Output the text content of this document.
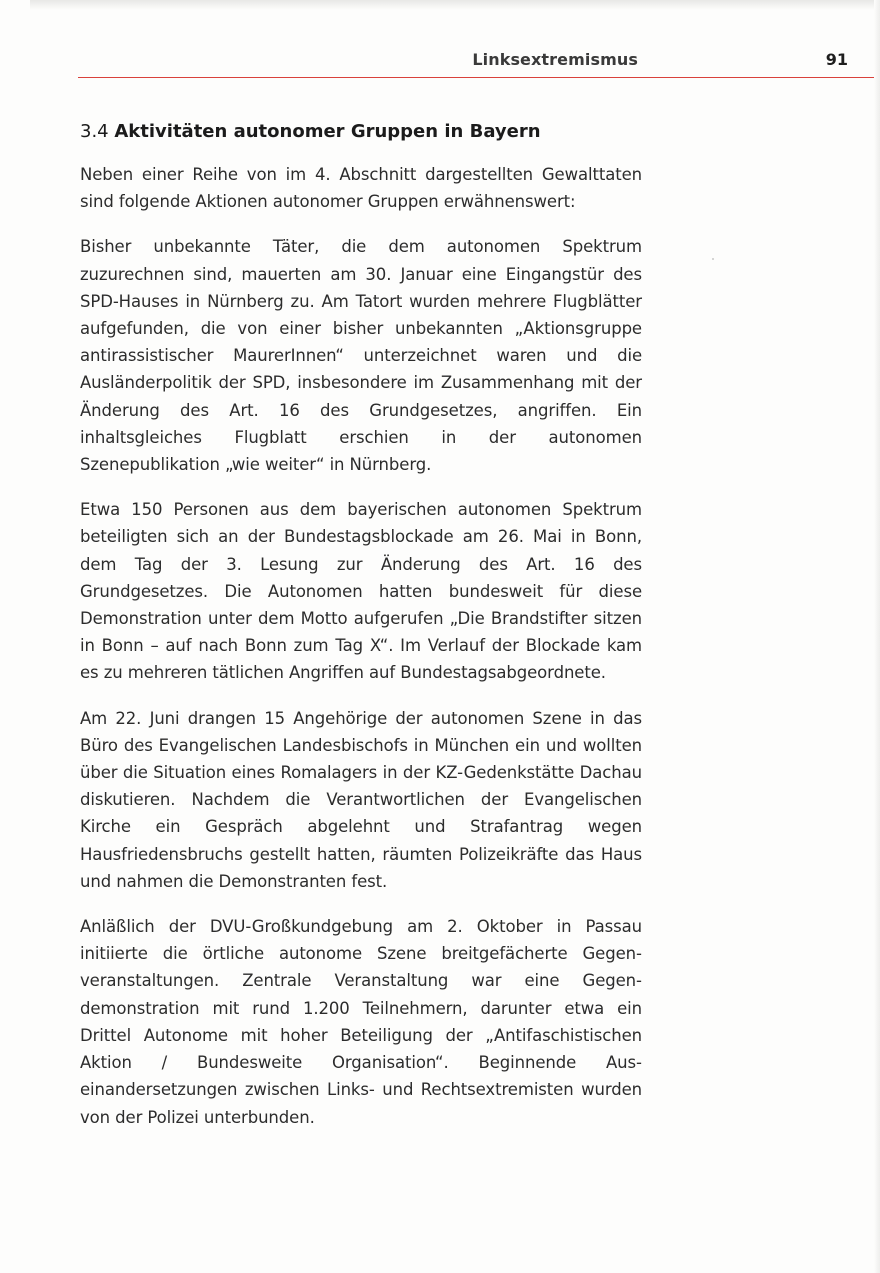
Linksextremismus	91
3.4 Aktivitäten autonomer Gruppen in Bayern

Neben einer Reihe von im 4. Abschnitt dargestellten Gewalttaten sind folgende Aktionen autonomer Gruppen erwähnenswert:

Bisher unbekannte Täter, die dem autonomen Spektrum zuzurechnen sind, mauerten am 30. Januar eine Eingangstür des SPD-Hauses in Nürnberg zu. Am Tatort wurden mehrere Flugblätter aufgefunden, die von einer bisher unbekannten „Aktionsgruppe antirassistischer MaurerInnen“ unterzeichnet waren und die Ausländerpolitik der SPD, insbesondere im Zusammenhang mit der Änderung des Art. 16 des Grundgesetzes, angriffen. Ein inhaltsgleiches Flugblatt erschien in der autonomen Szenepublikation „wie weiter“ in Nürnberg.

Etwa 150 Personen aus dem bayerischen autonomen Spektrum beteiligten sich an der Bundestagsblockade am 26. Mai in Bonn, dem Tag der 3. Lesung zur Änderung des Art. 16 des Grundgesetzes. Die Autonomen hatten bundesweit für diese Demonstration unter dem Motto aufgerufen „Die Brandstifter sitzen in Bonn – auf nach Bonn zum Tag X“. Im Verlauf der Blockade kam es zu mehreren tätlichen Angriffen auf Bundestagsabgeordnete.

Am 22. Juni drangen 15 Angehörige der autonomen Szene in das Büro des Evangelischen Landesbischofs in München ein und wollten über die Situation eines Romalagers in der KZ-Gedenkstätte Dachau diskutieren. Nachdem die Verantwortlichen der Evangelischen Kirche ein Gespräch abgelehnt und Strafantrag wegen Hausfriedensbruchs gestellt hatten, räumten Polizeikräfte das Haus und nahmen die Demonstranten fest.

Anläßlich der DVU-Großkundgebung am 2. Oktober in Passau initiierte die örtliche autonome Szene breitgefächerte Gegenveranstaltungen. Zentrale Veranstaltung war eine Gegendemonstration mit rund 1.200 Teilnehmern, darunter etwa ein Drittel Autonome mit hoher Beteiligung der „Antifaschistischen Aktion / Bundesweite Organisation“. Beginnende Auseinandersetzungen zwischen Links- und Rechtsextremisten wurden von der Polizei unterbunden.
